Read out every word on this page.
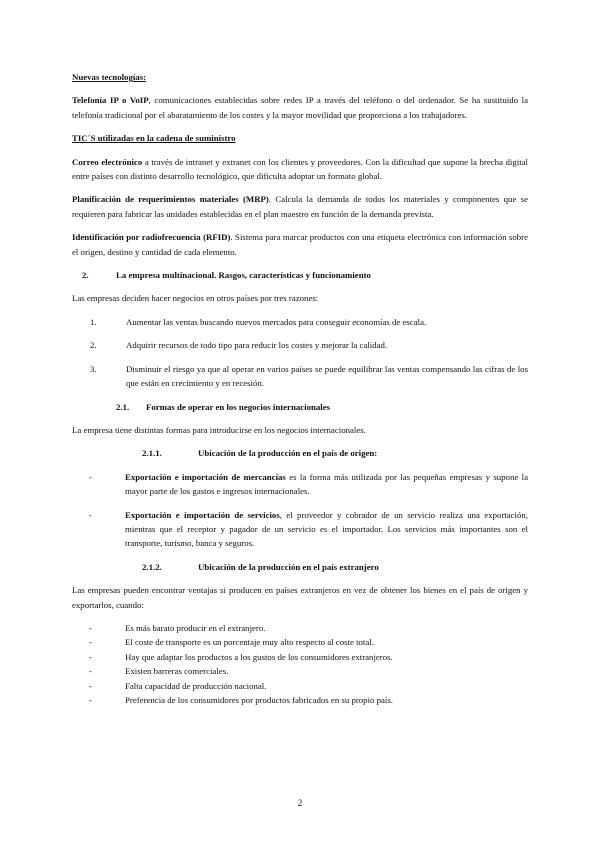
Nuevas tecnologías:

Telefonía IP o VoIP, comunicaciones establecidas sobre redes IP a través del teléfono o del ordenador. Se ha sustituido la telefonía tradicional por el abaratamiento de los costes y la mayor movilidad que proporciona a los trabajadores.

TIC´S utilizadas en la cadena de suministro

Correo electrónico a través de intranet y extranet con los clientes y proveedores. Con la dificultad que supone la brecha digital entre países con distinto desarrollo tecnológico, que dificulta adoptar un formato global.

Planificación de requerimientos materiales (MRP). Calcula la demanda de todos los materiales y componentes que se requieren para fabricar las unidades establecidas en el plan maestro en función de la demanda prevista.

Identificación por radiofrecuencia (RFID). Sistema para marcar productos con una etiqueta electrónica con información sobre el origen, destino y cantidad de cada elemento.

2.	La empresa multinacional. Rasgos, características y funcionamiento

Las empresas deciden hacer negocios en otros países por tres razones:

1.	Aumentar las ventas buscando nuevos mercados para conseguir economías de escala.
2.	Adquirir recursos de todo tipo para reducir los costes y mejorar la calidad.
3.	Disminuir el riesgo ya que al operar en varios países se puede equilibrar las ventas compensando las cifras de los que están en crecimiento y en recesión.
2.1.	Formas de operar en los negocios internacionales

La empresa tiene distintas formas para introducirse en los negocios internacionales.

2.1.1.	Ubicación de la producción en el país de origen:
-	Exportación e importación de mercancías es la forma más utilizada por las pequeñas empresas y supone la mayor parte de los gastos e ingresos internacionales.
-	Exportación e importación de servicios, el proveedor y cobrador de un servicio realiza una exportación, mientras que el receptor y pagador de un servicio es el importador. Los servicios más importantes son el transporte, turismo, banca y seguros.
2.1.2.	Ubicación de la producción en el país extranjero

Las empresas pueden encontrar ventajas si producen en países extranjeros en vez de obtener los bienes en el país de origen y exportarlos, cuando:

-	Es más barato producir en el extranjero.
-	El coste de transporte es un porcentaje muy alto respecto al coste total.
-	Hay que adaptar los productos a los gustos de los consumidores extranjeros.
-	Existen barreras comerciales.
-	Falta capacidad de producción nacional.
-	Preferencia de los consumidores por productos fabricados en su propio país.
2
